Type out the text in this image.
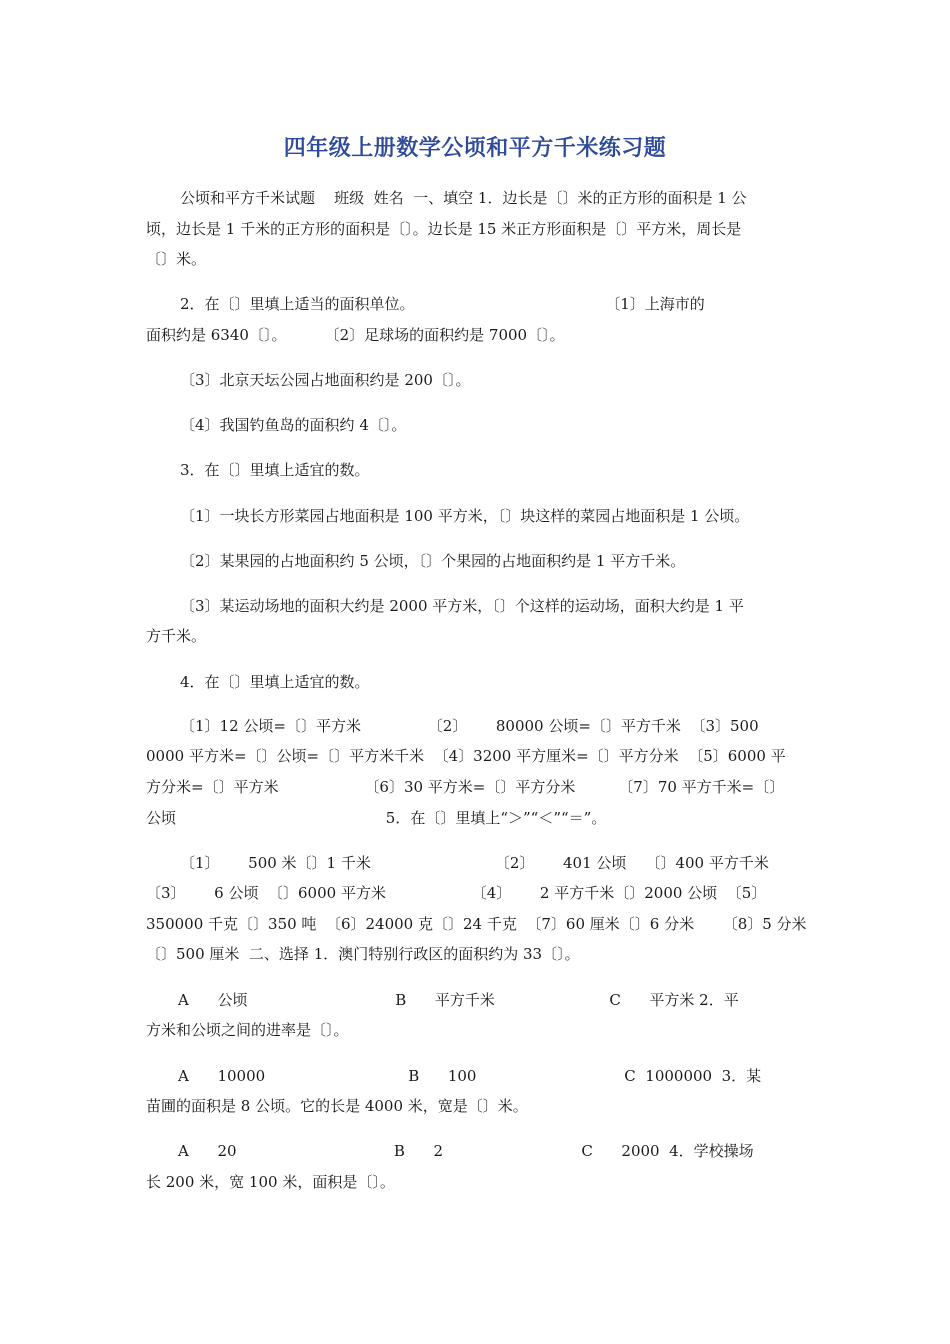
四年级上册数学公顷和平方千米练习题
公顷和平方千米试题    班级  姓名  一、填空 1．边长是〔〕米的正方形的面积是 1 公
顷，边长是 1 千米的正方形的面积是〔〕。边长是 15 米正方形面积是〔〕平方米，周长是
〔〕米。
2．在〔〕里填上适当的面积单位。                                        〔1〕上海市的
面积约是 6340〔〕。        〔2〕足球场的面积约是 7000〔〕。
〔3〕北京天坛公园占地面积约是 200〔〕。
〔4〕我国钓鱼岛的面积约 4〔〕。
3．在〔〕里填上适宜的数。
〔1〕一块长方形菜园占地面积是 100 平方米，〔〕块这样的菜园占地面积是 1 公顷。
〔2〕某果园的占地面积约 5 公顷，〔〕个果园的占地面积约是 1 平方千米。
〔3〕某运动场地的面积大约是 2000 平方米，〔〕个这样的运动场，面积大约是 1 平
方千米。
4．在〔〕里填上适宜的数。
〔1〕12 公顷=〔〕平方米              〔2〕      80000 公顷=〔〕平方千米  〔3〕500
0000 平方米=〔〕公顷=〔〕平方米千米  〔4〕3200 平方厘米=〔〕平方分米  〔5〕6000 平
方分米=〔〕平方米                  〔6〕30 平方米=〔〕平方分米         〔7〕70 平方千米=〔〕
公顷                                            5．在〔〕里填上“＞”“＜”“＝”。
〔1〕      500 米〔〕1 千米                          〔2〕      401 公顷    〔〕400 平方千米
〔3〕      6 公顷  〔〕6000 平方米                  〔4〕      2 平方千米〔〕2000 公顷  〔5〕
350000 千克〔〕350 吨  〔6〕24000 克〔〕24 千克  〔7〕60 厘米〔〕6 分米      〔8〕5 分米
〔〕500 厘米  二、选择 1．澳门特别行政区的面积约为 33〔〕。
A      公顷                               B      平方千米                        C      平方米 2．平
方米和公顷之间的进率是〔〕。
A      10000                              B      100                               C  1000000  3．某
苗圃的面积是 8 公顷。它的长是 4000 米，宽是〔〕米。
A      20                                 B      2                             C      2000  4．学校操场
长 200 米，宽 100 米，面积是〔〕。
